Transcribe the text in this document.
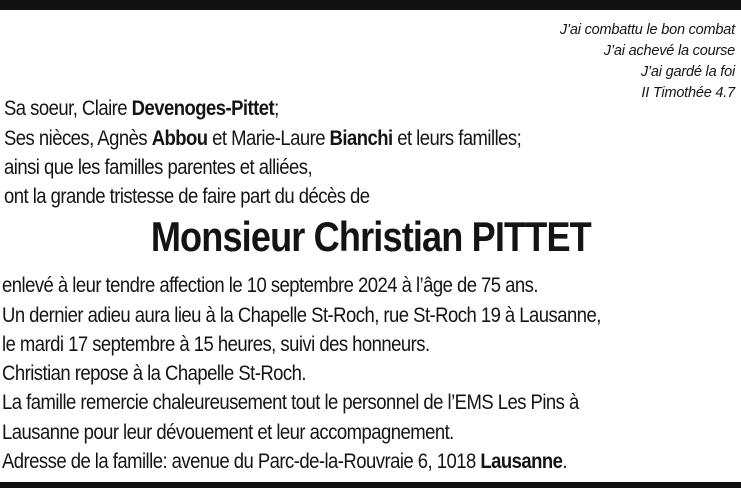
J’ai combattu le bon combat
J’ai achevé la course
J’ai gardé la foi
II Timothée 4.7
Sa soeur, Claire Devenoges-Pittet;
Ses nièces, Agnès Abbou et Marie-Laure Bianchi et leurs familles;
ainsi que les familles parentes et alliées,
ont la grande tristesse de faire part du décès de
Monsieur Christian PITTET
enlevé à leur tendre affection le 10 septembre 2024 à l’âge de 75 ans.
Un dernier adieu aura lieu à la Chapelle St-Roch, rue St-Roch 19 à Lausanne,
le mardi 17 septembre à 15 heures, suivi des honneurs.
Christian repose à la Chapelle St-Roch.
La famille remercie chaleureusement tout le personnel de l’EMS Les Pins à
Lausanne pour leur dévouement et leur accompagnement.
Adresse de la famille: avenue du Parc-de-la-Rouvraie 6, 1018 Lausanne.
